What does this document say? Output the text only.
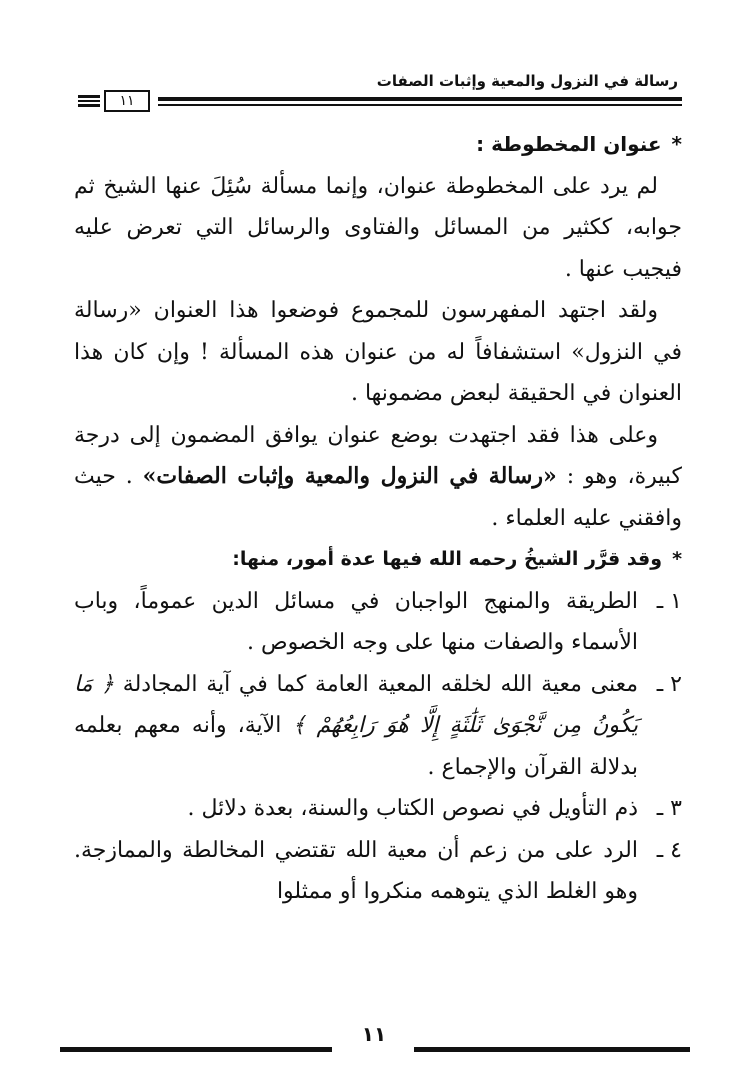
رسالة في النزول والمعية وإثبات الصفات
١١

*عنوان المخطوطة :

لم يرد على المخطوطة عنوان، وإنما مسألة سُئِلَ عنها الشيخ ثم جوابه، ككثير من المسائل والفتاوى والرسائل التي تعرض عليه فيجيب عنها .

ولقد اجتهد المفهرسون للمجموع فوضعوا هذا العنوان «رسالة في النزول» استشفافاً له من عنوان هذه المسألة ! وإن كان هذا العنوان في الحقيقة لبعض مضمونها .

وعلى هذا فقد اجتهدت بوضع عنوان يوافق المضمون إلى درجة كبيرة، وهو : «رسالة في النزول والمعية وإثبات الصفات» . حيث وافقني عليه العلماء .

*وقد قرَّر الشيخُ رحمه الله فيها عدة أمور، منها:

١ ـ
الطريقة والمنهج الواجبان في مسائل الدين عموماً، وباب الأسماء والصفات منها على وجه الخصوص .
٢ ـ
معنى معية الله لخلقه المعية العامة كما في آية المجادلة ﴿ مَا يَكُونُ مِن نَّجْوَىٰ ثَلَٰثَةٍ إِلَّا هُوَ رَابِعُهُمْ ﴾ الآية، وأنه معهم بعلمه بدلالة القرآن والإجماع .
٣ ـ
ذم التأويل في نصوص الكتاب والسنة، بعدة دلائل .
٤ ـ
الرد على من زعم أن معية الله تقتضي المخالطة والممازجة. وهو الغلط الذي يتوهمه منكروا أو ممثلوا
١١
